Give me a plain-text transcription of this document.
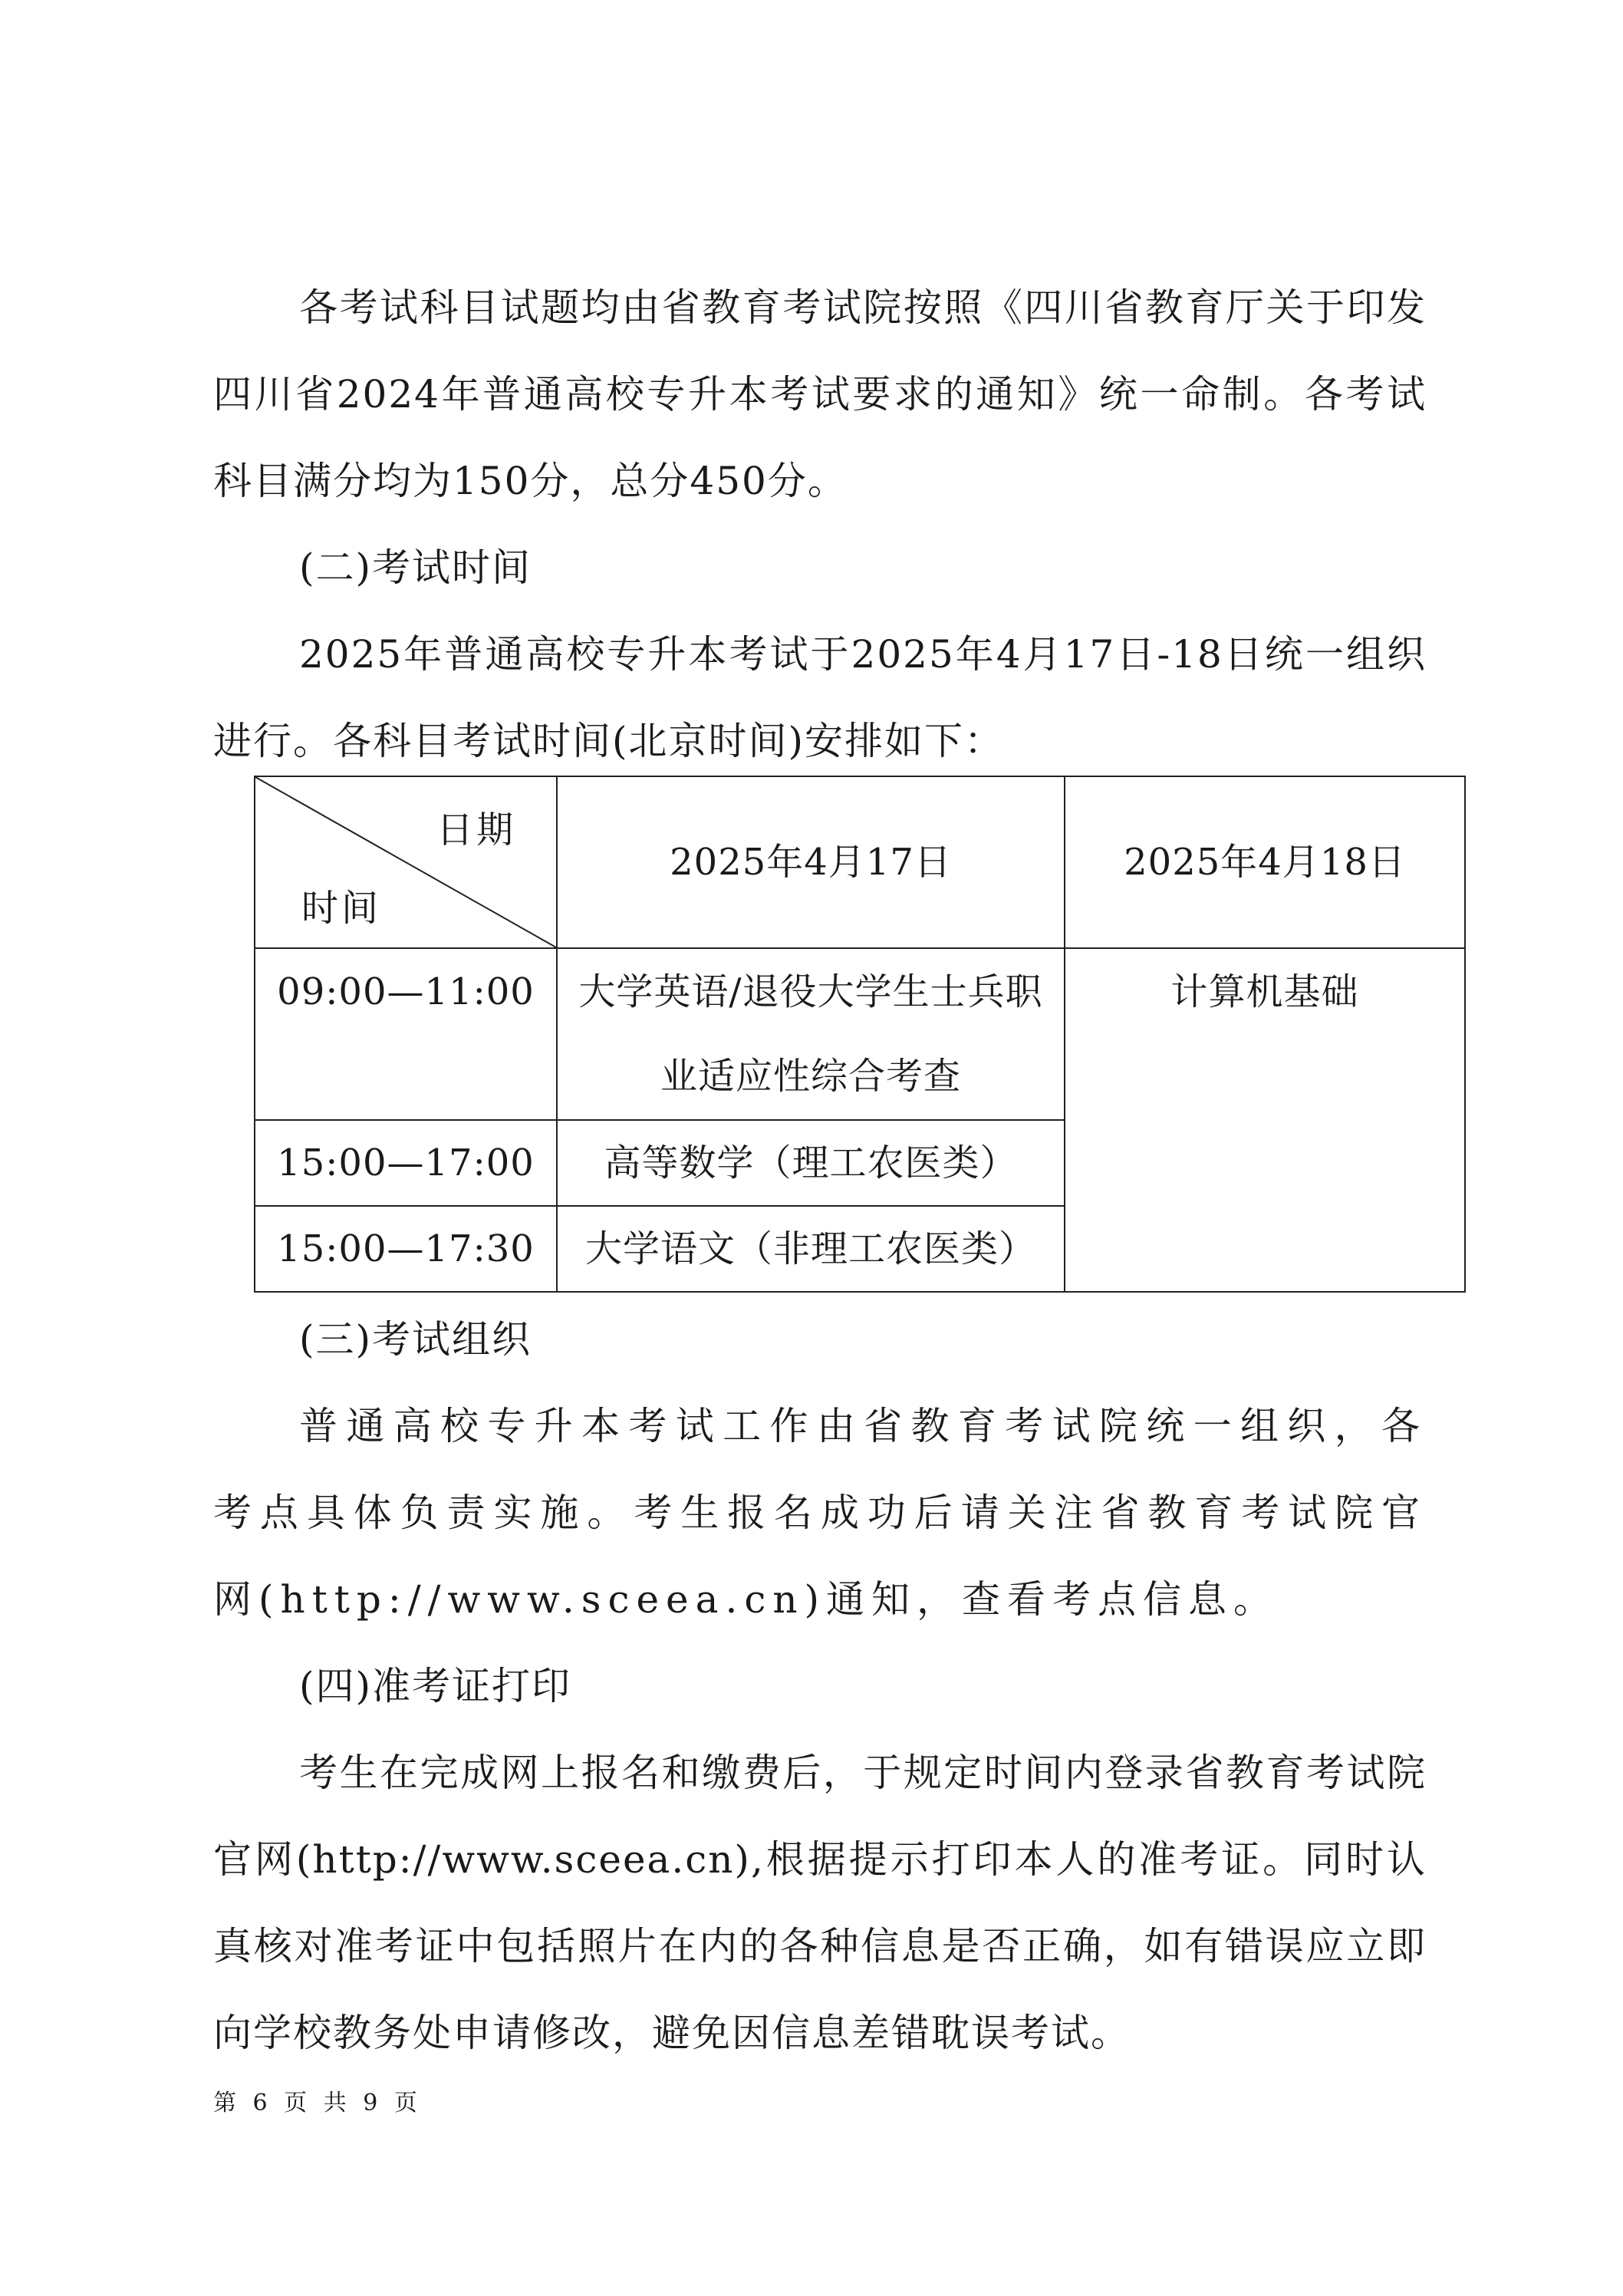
各考试科目试题均由省教育考试院按照《四川省教育厅关于印发四川省2024年普通高校专升本考试要求的通知》统一命制。各考试科目满分均为150分，总分450分。

(二)考试时间

2025年普通高校专升本考试于2025年4月17日-18日统一组织进行。各科目考试时间(北京时间)安排如下：

日期
时间
2025年4月17日	2025年4月18日
09:00—11:00	大学英语/退役大学生士兵职业适应性综合考查
计算机基础
15:00—17:00 高等数学（理工农医类）
15:00—17:30 大学语文（非理工农医类）

(三)考试组织

普通高校专升本考试工作由省教育考试院统一组织，各考点具体负责实施。考生报名成功后请关注省教育考试院官网(http://www.sceea.cn)通知，查看考点信息。

(四)准考证打印

考生在完成网上报名和缴费后，于规定时间内登录省教育考试院官网(http://www.sceea.cn),根据提示打印本人的准考证。同时认真核对准考证中包括照片在内的各种信息是否正确，如有错误应立即向学校教务处申请修改，避免因信息差错耽误考试。

第 6 页 共 9 页
